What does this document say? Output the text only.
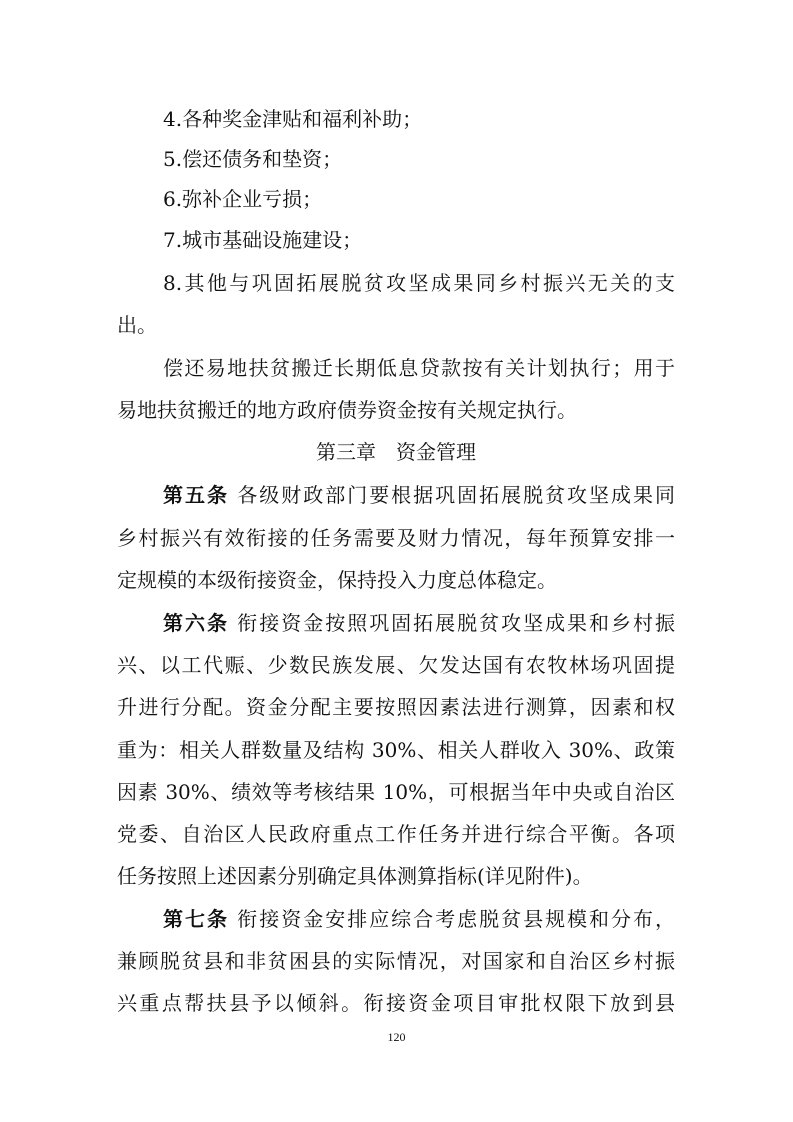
4.各种奖金津贴和福利补助；
5.偿还债务和垫资；
6.弥补企业亏损；
7.城市基础设施建设；
8.其他与巩固拓展脱贫攻坚成果同乡村振兴无关的支
出。
偿还易地扶贫搬迁长期低息贷款按有关计划执行；用于
易地扶贫搬迁的地方政府债券资金按有关规定执行。
第三章　资金管理
第五条 各级财政部门要根据巩固拓展脱贫攻坚成果同
乡村振兴有效衔接的任务需要及财力情况，每年预算安排一
定规模的本级衔接资金，保持投入力度总体稳定。
第六条 衔接资金按照巩固拓展脱贫攻坚成果和乡村振
兴、以工代赈、少数民族发展、欠发达国有农牧林场巩固提
升进行分配。资金分配主要按照因素法进行测算，因素和权
重为：相关人群数量及结构 30%、相关人群收入 30%、政策
因素 30%、绩效等考核结果 10%，可根据当年中央或自治区
党委、自治区人民政府重点工作任务并进行综合平衡。各项
任务按照上述因素分别确定具体测算指标(详见附件)。
第七条 衔接资金安排应综合考虑脱贫县规模和分布，
兼顾脱贫县和非贫困县的实际情况，对国家和自治区乡村振
兴重点帮扶县予以倾斜。衔接资金项目审批权限下放到县
120
